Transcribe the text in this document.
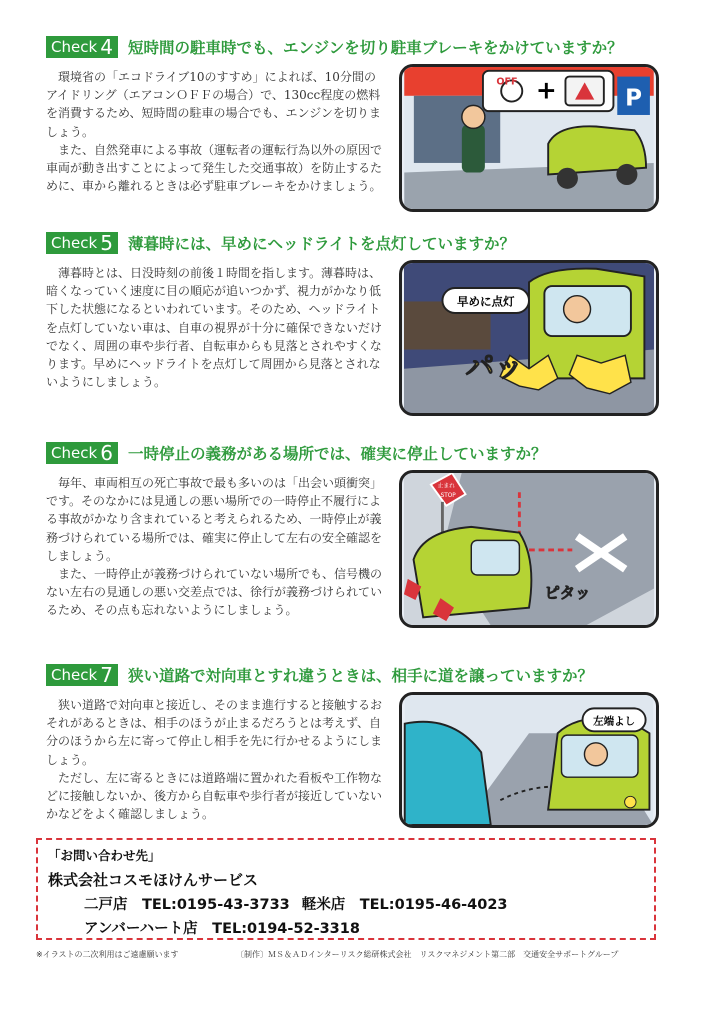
Check 4 短時間の駐車時でも、エンジンを切り駐車ブレーキをかけていますか？

環境省の「エコドライブ10のすすめ」によれば、10分間のアイドリング（エアコンＯＦＦの場合）で、130cc程度の燃料を消費するため、短時間の駐車の場合でも、エンジンを切りましょう。

また、自然発車による事故（運転者の運転行為以外の原因で車両が動き出すことによって発生した交通事故）を防止するために、車から離れるときは必ず駐車ブレーキをかけましょう。

P
OFF +
Check 5 薄暮時には、早めにヘッドライトを点灯していますか？

薄暮時とは、日没時刻の前後１時間を指します。薄暮時は、暗くなっていく速度に目の順応が追いつかず、視力がかなり低下した状態になるといわれています。そのため、ヘッドライトを点灯していない車は、自車の視界が十分に確保できないだけでなく、周囲の車や歩行者、自転車からも見落とされやすくなります。早めにヘッドライトを点灯して周囲から見落とされないようにしましょう。

早めに点灯
パッ
Check 6 一時停止の義務がある場所では、確実に停止していますか？

毎年、車両相互の死亡事故で最も多いのは「出会い頭衝突」です。そのなかには見通しの悪い場所での一時停止不履行による事故がかなり含まれていると考えられるため、一時停止が義務づけられている場所では、確実に停止して左右の安全確認をしましょう。

また、一時停止が義務づけられていない場所でも、信号機のない左右の見通しの悪い交差点では、徐行が義務づけられているため、その点も忘れないようにしましょう。

止まれ
STOP
ピタッ
Check 7 狭い道路で対向車とすれ違うときは、相手に道を譲っていますか？

狭い道路で対向車と接近し、そのまま進行すると接触するおそれがあるときは、相手のほうが止まるだろうとは考えず、自分のほうから左に寄って停止し相手を先に行かせるようにしましょう。

ただし、左に寄るときには道路端に置かれた看板や工作物などに接触しないか、後方から自転車や歩行者が接近していないかなどをよく確認しましょう。

左端よし
「お問い合わせ先」
株式会社コスモほけんサービス
二戸店　TEL:0195-43-3733 軽米店　TEL:0195-46-4023
アンバーハート店　TEL:0194-52-3318
※イラストの二次利用はご遠慮願います	〔制作〕ＭＳ＆ＡＤインターリスク総研株式会社　リスクマネジメント第二部　交通安全サポートグループ
